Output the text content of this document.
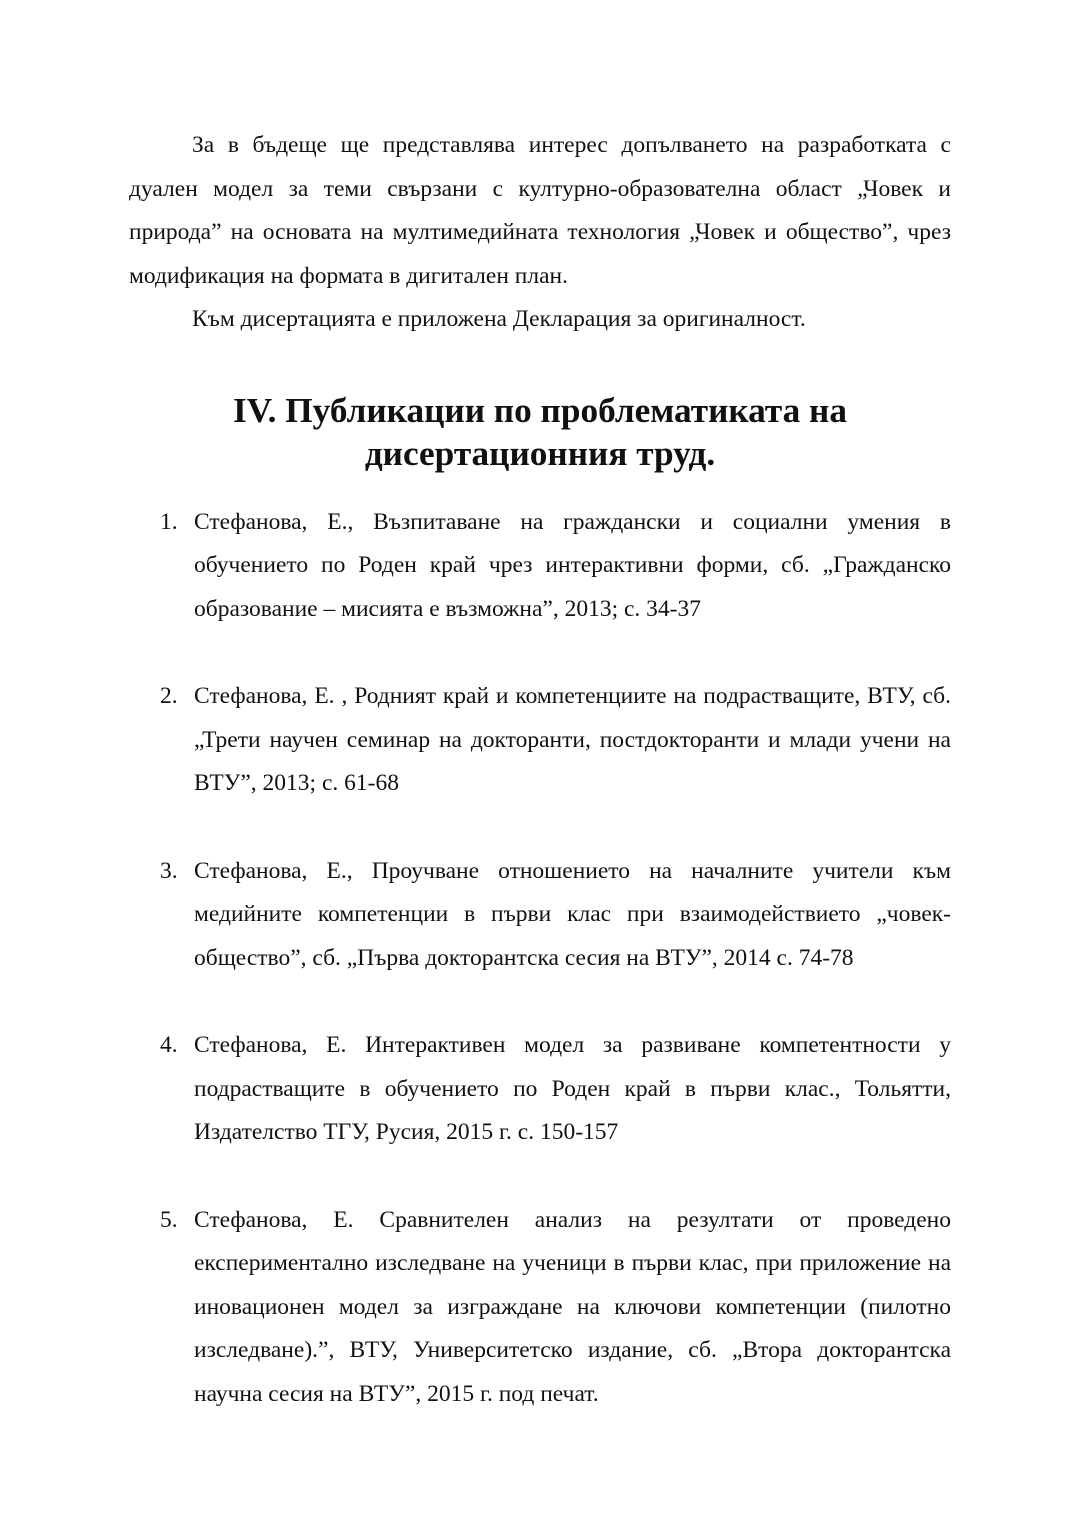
За в бъдеще ще представлява интерес допълването на разработката с дуален модел за теми свързани с културно-образователна област „Човек и природа” на основата на мултимедийната технология „Човек и общество”, чрез модификация на формата в дигитален план.

Към дисертацията е приложена Декларация за оригиналност.

IV. Публикации по проблематиката на дисертационния труд.
1. Стефанова, Е., Възпитаване на граждански и социални умения в обучението по Роден край чрез интерактивни форми, сб. „Гражданско образование – мисията е възможна”, 2013; с. 34-37
2. Стефанова, Е. , Родният край и компетенциите на подрастващите, ВТУ, сб. „Трети научен семинар на докторанти, постдокторанти и млади учени на ВТУ”, 2013; с. 61-68
3. Стефанова, Е., Проучване отношението на началните учители към медийните компетенции в първи клас при взаимодействието „човек-общество”, сб. „Първа докторантска сесия на ВТУ”, 2014 с. 74-78
4. Стефанова, Е. Интерактивен модел за развиване компетентности у подрастващите в обучението по Роден край в първи клас., Тольятти, Издателство ТГУ, Русия, 2015 г. с. 150-157
5. Стефанова, Е. Сравнителен анализ на резултати от проведено експериментално изследване на ученици в първи клас, при приложение на иновационен модел за изграждане на ключови компетенции (пилотно изследване).”, ВТУ, Университетско издание, сб. „Втора докторантска научна сесия на ВТУ”, 2015 г. под печат.
